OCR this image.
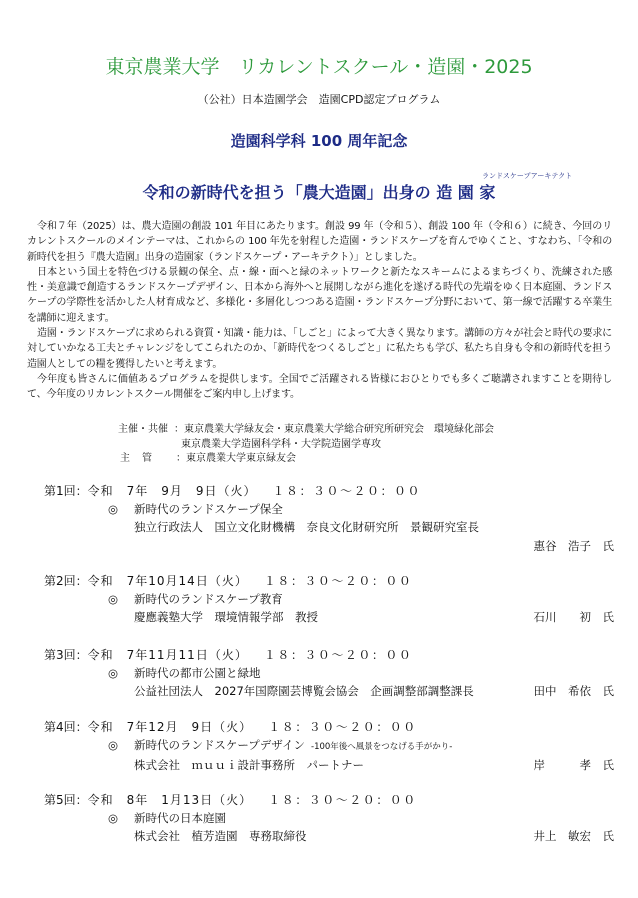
東京農業大学　リカレントスクール・造園・2025
（公社）日本造園学会　造園CPD認定プログラム
造園科学科 100 周年記念
ランドスケープアーキテクト
令和の新時代を担う「農大造園」出身の 造 園 家

令和７年（2025）は、農大造園の創設 101 年目にあたります。創設 99 年（令和５）、創設 100 年（令和６）に続き、今回のリカレントスクールのメインテーマは、これからの 100 年先を射程した造園・ランドスケープを育んでゆくこと、すなわち、「令和の新時代を担う『農大造園』出身の造園家（ランドスケープ・アーキテクト）」としました。

日本という国土を特色づける景観の保全、点・線・面へと緑のネットワークと新たなスキームによるまちづくり、洗練された感性・美意識で創造するランドスケープデザイン、日本から海外へと展開しながら進化を遂げる時代の先端をゆく日本庭園、ランドスケープの学際性を活かした人材育成など、多様化・多層化しつつある造園・ランドスケープ分野において、第一線で活躍する卒業生を講師に迎えます。

造園・ランドスケープに求められる資質・知識・能力は、「しごと」によって大きく異なります。講師の方々が社会と時代の要求に対していかなる工夫とチャレンジをしてこられたのか、「新時代をつくるしごと」に私たちも学び、私たち自身も令和の新時代を担う造園人としての糧を獲得したいと考えます。

今年度も皆さんに価値あるプログラムを提供します。全国でご活躍される皆様におひとりでも多くご聴講されますことを期待して、今年度のリカレントスクール開催をご案内申し上げます。

主催・共催 ：東京農業大学緑友会・東京農業大学総合研究所研究会　環境緑化部会
東京農業大学造園科学科・大学院造園学専攻
主管	：東京農業大学東京緑友会
第1回：令和　7年　9月　9日（火） １８：３０～２０：００
◎ 新時代のランドスケープ保全
独立行政法人　国立文化財機構　奈良文化財研究所　景観研究室長
惠谷　浩子　氏
第2回：令和　7年10月14日（火） １８：３０～２０：００
◎ 新時代のランドスケープ教育
慶應義塾大学　環境情報学部　教授	石川　　初　氏
第3回：令和　7年11月11日（火） １８：３０～２０：００
◎ 新時代の都市公園と緑地
公益社団法人　2027年国際園芸博覧会協会　企画調整部調整課長	田中　希依　氏
第4回：令和　7年12月　9日（火） １８：３０～２０：００
◎ 新時代のランドスケープデザイン -100年後へ風景をつなげる手がかり-
株式会社　ｍｕｕｉ設計事務所　パートナー	岸　　　孝　氏
第5回：令和　8年　1月13日（火） １８：３０～２０：００
◎ 新時代の日本庭園
株式会社　植芳造園　専務取締役	井上　敏宏　氏
